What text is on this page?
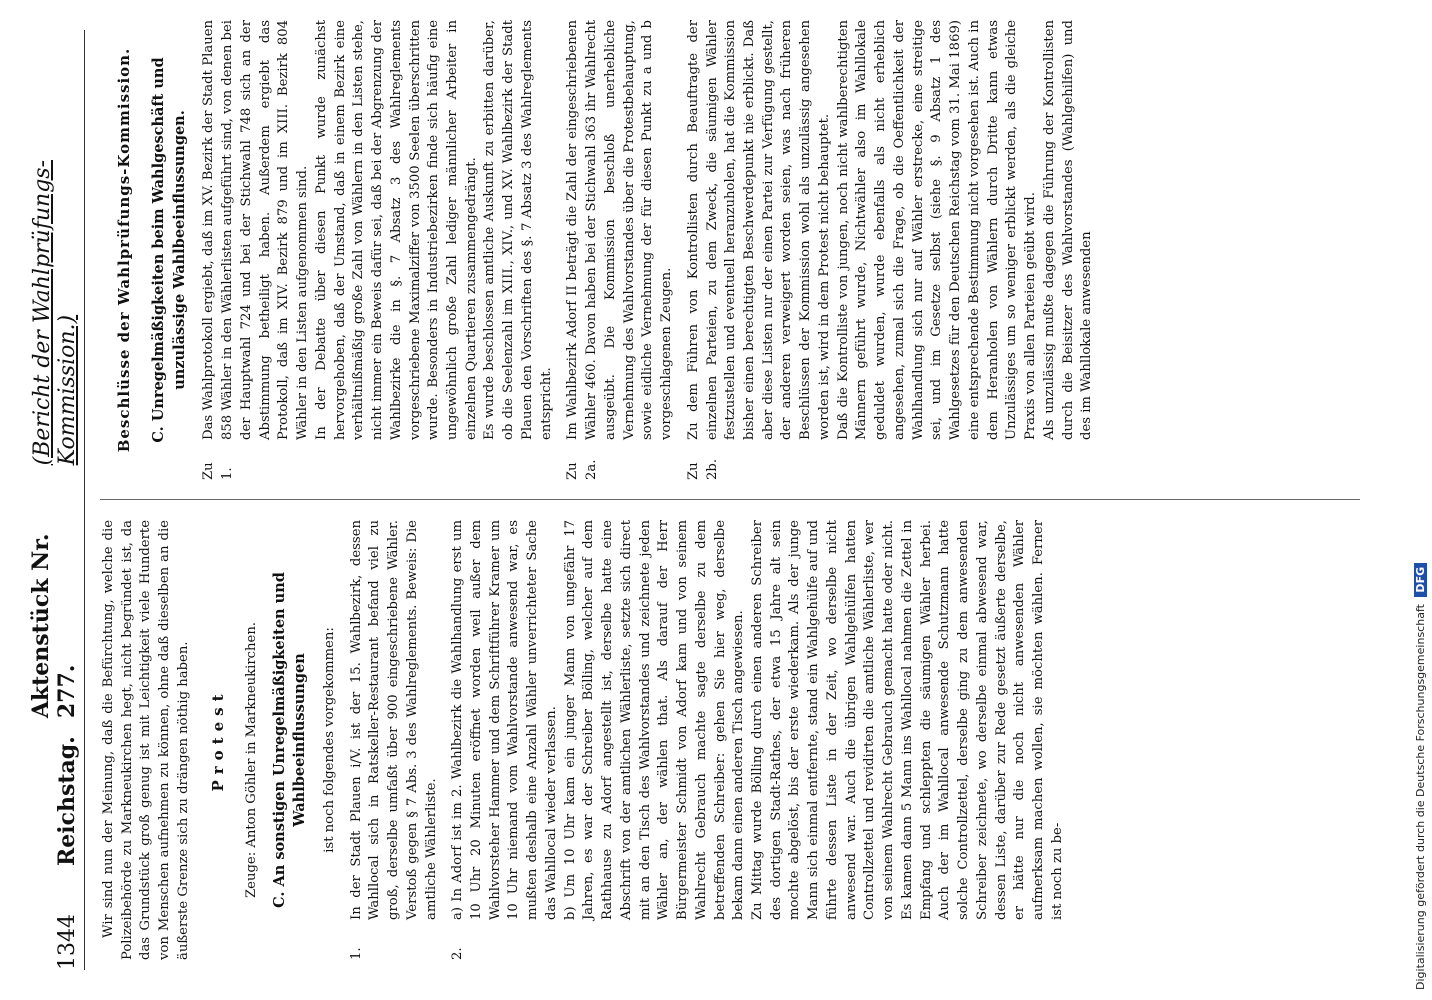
1344
Reichstag.
Aktenstück Nr. 277.
(Bericht der Wahlprüfungs-Kommission.)

Wir sind nun der Meinung, daß die Befürchtung, welche die Polizeibehörde zu Markneukirchen hegt, nicht begründet ist, da das Grundstück groß genug ist mit Leichtigkeit viele Hunderte von Menschen aufnehmen zu können, ohne daß dieselben an die äußerste Grenze sich zu drängen nöthig haben. Protest Zeuge: Anton Göhler in Markneukirchen. C. An sonstigen Unregelmäßigkeiten und Wahlbeeinflussungen ist noch folgendes vorgekommen:
1.
In der Stadt Plauen i/V. ist der 15. Wahlbezirk, dessen Wahllocal sich in Ratskeller-Restaurant befand viel zu groß, derselbe umfaßt über 900 eingeschriebene Wähler. Verstoß gegen § 7 Abs. 3 des Wahlreglements. Beweis: Die amtliche Wählerliste.
2.
a) In Adorf ist im 2. Wahlbezirk die Wahlhandlung erst um 10 Uhr 20 Minuten eröffnet worden weil außer dem Wahlvorsteher Hammer und dem Schriftführer Kramer um 10 Uhr niemand vom Wahlvorstande anwesend war, es mußten deshalb eine Anzahl Wähler unverrichteter Sache das Wahllocal wieder verlassen. b) Um 10 Uhr kam ein junger Mann von ungefähr 17 Jahren, es war der Schreiber Bölling, welcher auf dem Rathhause zu Adorf angestellt ist, derselbe hatte eine Abschrift von der amtlichen Wählerliste, setzte sich direct mit an den Tisch des Wahlvorstandes und zeichnete jeden Wähler an, der wählen that. Als darauf der Herr Bürgermeister Schmidt von Adorf kam und von seinem Wahlrecht Gebrauch machte sagte derselbe zu dem betreffenden Schreiber: gehen Sie hier weg, derselbe bekam dann einen anderen Tisch angewiesen. Zu Mittag wurde Bölling durch einen anderen Schreiber des dortigen Stadt-Rathes, der etwa 15 Jahre alt sein mochte abgelöst, bis der erste wiederkam. Als der junge Mann sich einmal entfernte, stand ein Wahlgehülfe auf und führte dessen Liste in der Zeit, wo derselbe nicht anwesend war. Auch die übrigen Wahlgehülfen hatten Controllzettel und revidirten die amtliche Wählerliste, wer von seinem Wahlrecht Gebrauch gemacht hatte oder nicht. Es kamen dann 5 Mann ins Wahllocal nahmen die Zettel in Empfang und schleppten die säumigen Wähler herbei. Auch der im Wahllocal anwesende Schutzmann hatte solche Controllzettel, derselbe ging zu dem anwesenden Schreiber zeichnete, wo derselbe einmal abwesend war, dessen Liste, darüber zur Rede gesetzt äußerte derselbe, er hätte nur die noch nicht anwesenden Wähler aufmerksam machen wollen, sie möchten wählen. Ferner ist noch zu be-
Beschlüsse der Wahlprüfungs-Kommission. C. Unregelmäßigkeiten beim Wahlgeschäft und unzulässige Wahlbeeinflussungen.
Zu 1.
Das Wahlprotokoll ergiebt, daß im XV. Bezirk der Stadt Plauen 858 Wähler in den Wählerlisten aufgeführt sind, von denen bei der Hauptwahl 724 und bei der Stichwahl 748 sich an der Abstimmung betheiligt haben. Außerdem ergiebt das Protokoll, daß im XIV. Bezirk 879 und im XIII. Bezirk 804 Wähler in den Listen aufgenommen sind. In der Debatte über diesen Punkt wurde zunächst hervorgehoben, daß der Umstand, daß in einem Bezirk eine verhältnißmäßig große Zahl von Wählern in den Listen stehe, nicht immer ein Beweis dafür sei, daß bei der Abgrenzung der Wahlbezirke die in §. 7 Absatz 3 des Wahlreglements vorgeschriebene Maximalziffer von 3500 Seelen überschritten wurde. Besonders in Industriebezirken finde sich häufig eine ungewöhnlich große Zahl lediger männlicher Arbeiter in einzelnen Quartieren zusammengedrängt. Es wurde beschlossen amtliche Auskunft zu erbitten darüber, ob die Seelenzahl im XIII., XIV., und XV. Wahlbezirk der Stadt Plauen den Vorschriften des §. 7 Absatz 3 des Wahlreglements entspricht.
Zu 2a.
Im Wahlbezirk Adorf II beträgt die Zahl der eingeschriebenen Wähler 460. Davon haben bei der Stichwahl 363 ihr Wahlrecht ausgeübt. Die Kommission beschloß unerhebliche Vernehmung des Wahlvorstandes über die Protestbehauptung, sowie eidliche Vernehmung der für diesen Punkt zu a und b vorgeschlagenen Zeugen.
Zu 2b.
Zu dem Führen von Kontrollisten durch Beauftragte der einzelnen Parteien, zu dem Zweck, die säumigen Wähler festzustellen und eventuell heranzuholen, hat die Kommission bisher einen berechtigten Beschwerdepunkt nie erblickt. Daß aber diese Listen nur der einen Partei zur Verfügung gestellt, der anderen verweigert worden seien, was nach früheren Beschlüssen der Kommission wohl als unzulässig angesehen worden ist, wird in dem Protest nicht behauptet. Daß die Kontrolliste von jungen, noch nicht wahlberechtigten Männern geführt wurde, Nichtwähler also im Wahllokale geduldet wurden, wurde ebenfalls als nicht erheblich angesehen, zumal sich die Frage, ob die Oeffentlichkeit der Wahlhandlung sich nur auf Wähler erstrecke, eine streitige sei, und im Gesetze selbst (siehe §. 9 Absatz 1 des Wahlgesetzes für den Deutschen Reichstag vom 31. Mai 1869) eine entsprechende Bestimmung nicht vorgesehen ist. Auch in dem Heranholen von Wählern durch Dritte kann etwas Unzulässiges um so weniger erblickt werden, als die gleiche Praxis von allen Parteien geübt wird. Als unzulässig mußte dagegen die Führung der Kontrollisten durch die Beisitzer des Wahlvorstandes (Wahlgehilfen) und des im Wahllokale anwesenden
Digitalisierung gefördert durch die Deutsche Forschungsgemeinschaft DFG
